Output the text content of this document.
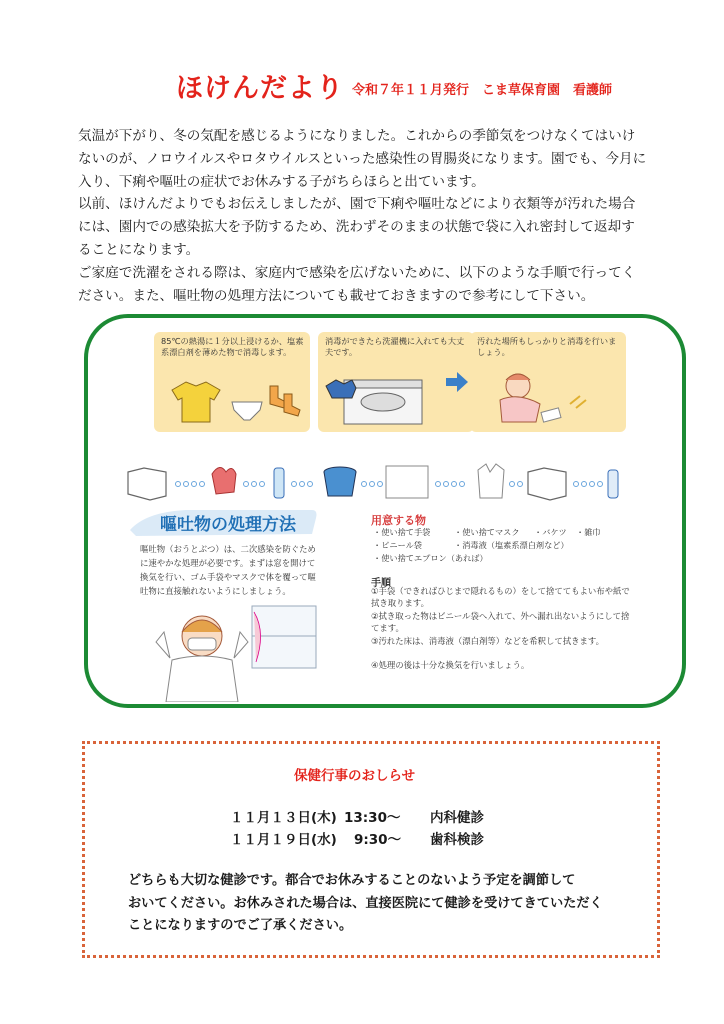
ほけんだより 令和７年１１月発行　こま草保育園　看護師

気温が下がり、冬の気配を感じるようになりました。これからの季節気をつけなくてはいけ

ないのが、ノロウイルスやロタウイルスといった感染性の胃腸炎になります。園でも、今月に

入り、下痢や嘔吐の症状でお休みする子がちらほらと出ています。

以前、ほけんだよりでもお伝えしましたが、園で下痢や嘔吐などにより衣類等が汚れた場合

には、園内での感染拡大を予防するため、洗わずそのままの状態で袋に入れ密封して返却す

ることになります。

ご家庭で洗濯をされる際は、家庭内で感染を広げないために、以下のような手順で行ってく

ださい。また、嘔吐物の処理方法についても載せておきますので参考にして下さい。

85℃の熱湯に１分以上浸けるか、塩素系漂白剤を薄めた物で消毒します。
消毒ができたら洗濯機に入れても大丈夫です。
汚れた場所もしっかりと消毒を行いましょう。
嘔吐物の処理方法
嘔吐物（おうとぶつ）は、二次感染を防ぐために速やかな処理が必要です。まずは窓を開けて換気を行い、ゴム手袋やマスクで体を覆って嘔吐物に直接触れないようにしましょう。
用意する物
・使い捨て手袋	・使い捨てマスク ・バケツ ・雑巾
・ビニール袋	・消毒液（塩素系漂白剤など）
・使い捨てエプロン（あれば）
手順
①手袋（できればひじまで隠れるもの）をして捨ててもよい布や紙で拭き取ります。
②拭き取った物はビニール袋へ入れて、外へ漏れ出ないようにして捨てます。
③汚れた床は、消毒液（漂白剤等）などを希釈して拭きます。
④処理の後は十分な換気を行いましょう。
保健行事のおしらせ
１１月１３日(木) 13:30～ 内科健診
１１月１９日(水) 9:30～ 歯科検診

どちらも大切な健診です。都合でお休みすることのないよう予定を調節して

おいてください。お休みされた場合は、直接医院にて健診を受けてきていただく

ことになりますのでご了承ください。
